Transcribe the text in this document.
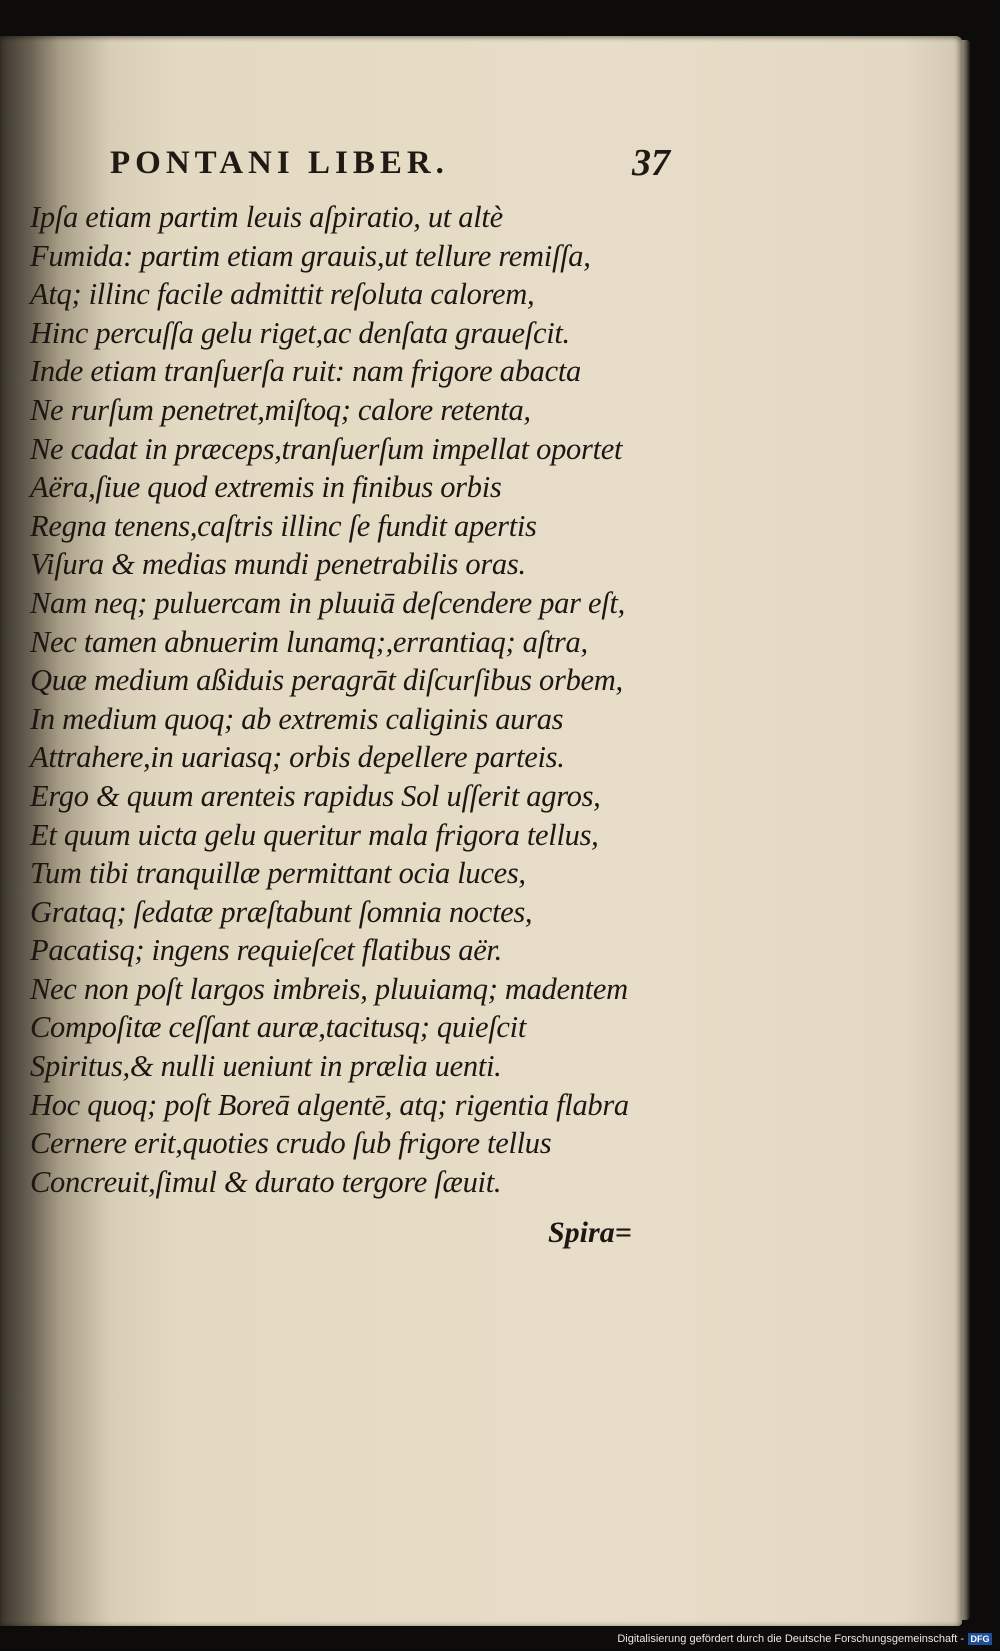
PONTANI LIBER.	37
Ipſa etiam partim leuis aſpiratio, ut altè
Fumida: partim etiam grauis,ut tellure remiſſa,
Atq; illinc facile admittit reſoluta calorem,
Hinc percuſſa gelu riget,ac denſata graueſcit.
Inde etiam tranſuerſa ruit: nam frigore abacta
Ne rurſum penetret,miſtoq; calore retenta,
Ne cadat in præceps,tranſuerſum impellat oportet
Aëra,ſiue quod extremis in finibus orbis
Regna tenens,caſtris illinc ſe fundit apertis
Viſura & medias mundi penetrabilis oras.
Nam neq; puluercam in pluuiā deſcendere par eſt,
Nec tamen abnuerim lunamq;,errantiaq; aſtra,
Quæ medium aßiduis peragrāt diſcurſibus orbem,
In medium quoq; ab extremis caliginis auras
Attrahere,in uariasq; orbis depellere parteis.
Ergo & quum arenteis rapidus Sol uſſerit agros,
Et quum uicta gelu queritur mala frigora tellus,
Tum tibi tranquillæ permittant ocia luces,
Grataq; ſedatæ præſtabunt ſomnia noctes,
Pacatisq; ingens requieſcet flatibus aër.
Nec non poſt largos imbreis, pluuiamq; madentem
Compoſitæ ceſſant auræ,tacitusq; quieſcit
Spiritus,& nulli ueniunt in prælia uenti.
Hoc quoq; poſt Boreā algentē, atq; rigentia flabra
Cernere erit,quoties crudo ſub frigore tellus
Concreuit,ſimul & durato tergore ſæuit.
Spira=
Digitalisierung gefördert durch die Deutsche Forschungsgemeinschaft - DFG
